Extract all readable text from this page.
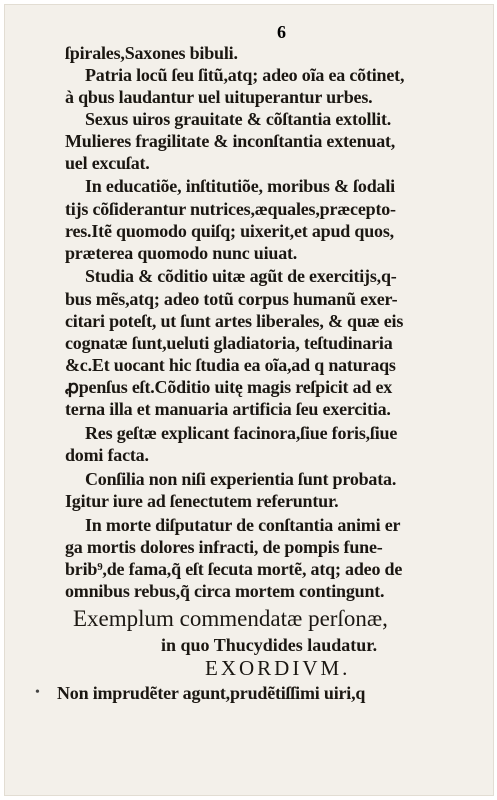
6
ſpirales,Saxones bibuli.
Patria locũ ſeu ſitũ,atq; adeo oĩa ea cõtinet,
à qbus laudantur uel uituperantur urbes.
Sexus uiros grauitate & cõſtantia extollit.
Mulieres fragilitate & inconſtantia extenuat,
uel excuſat.
In educatiõe, inſtitutiõe, moribus & ſodali
tijs cõſiderantur nutrices,æquales,præcepto-
res.Itẽ quomodo quiſq; uixerit,et apud quos,
præterea quomodo nunc uiuat.
Studia & cõditio uitæ agũt de exercitijs,q-
bus mẽs,atq; adeo totũ corpus humanũ exer-
citari poteſt, ut ſunt artes liberales, & quæ eis
cognatæ ſunt,ueluti gladiatoria, teſtudinaria
&c.Et uocant hic ſtudia ea oĩa,ad q naturaqs
ꝓpenſus eſt.Cõditio uitę magis reſpicit ad ex
terna illa et manuaria artificia ſeu exercitia.
Res geſtæ explicant facinora,ſiue foris,ſiue
domi facta.
Conſilia non niſi experientia ſunt probata.
Igitur iure ad ſenectutem referuntur.
In morte diſputatur de conſtantia animi er
ga mortis dolores infracti, de pompis fune-
brib⁹,de fama,q̃ eſt ſecuta mortẽ, atq; adeo de
omnibus rebus,q̃ circa mortem contingunt.
Exemplum commendatæ perſonæ,
in quo Thucydides laudatur.
EXORDIVM.
• Non imprudẽter agunt,prudẽtiſſimi uiri,q
